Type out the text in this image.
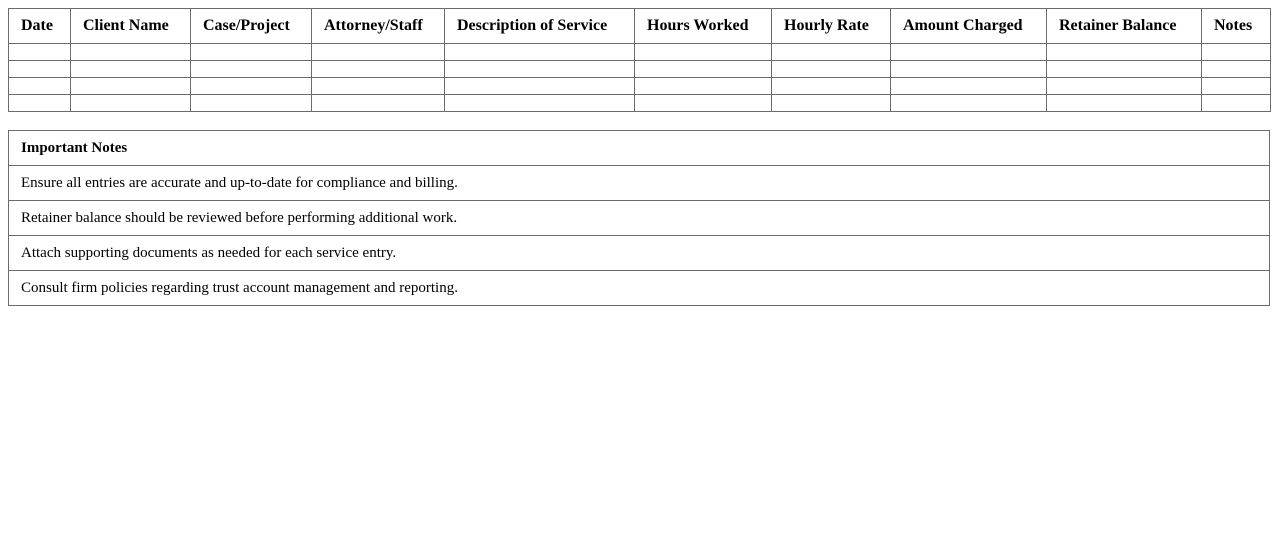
Date	Client Name	Case/Project	Attorney/Staff	Description of Service	Hours Worked	Hourly Rate	Amount Charged	Retainer Balance	Notes

Important Notes
Ensure all entries are accurate and up-to-date for compliance and billing.
Retainer balance should be reviewed before performing additional work.
Attach supporting documents as needed for each service entry.
Consult firm policies regarding trust account management and reporting.
